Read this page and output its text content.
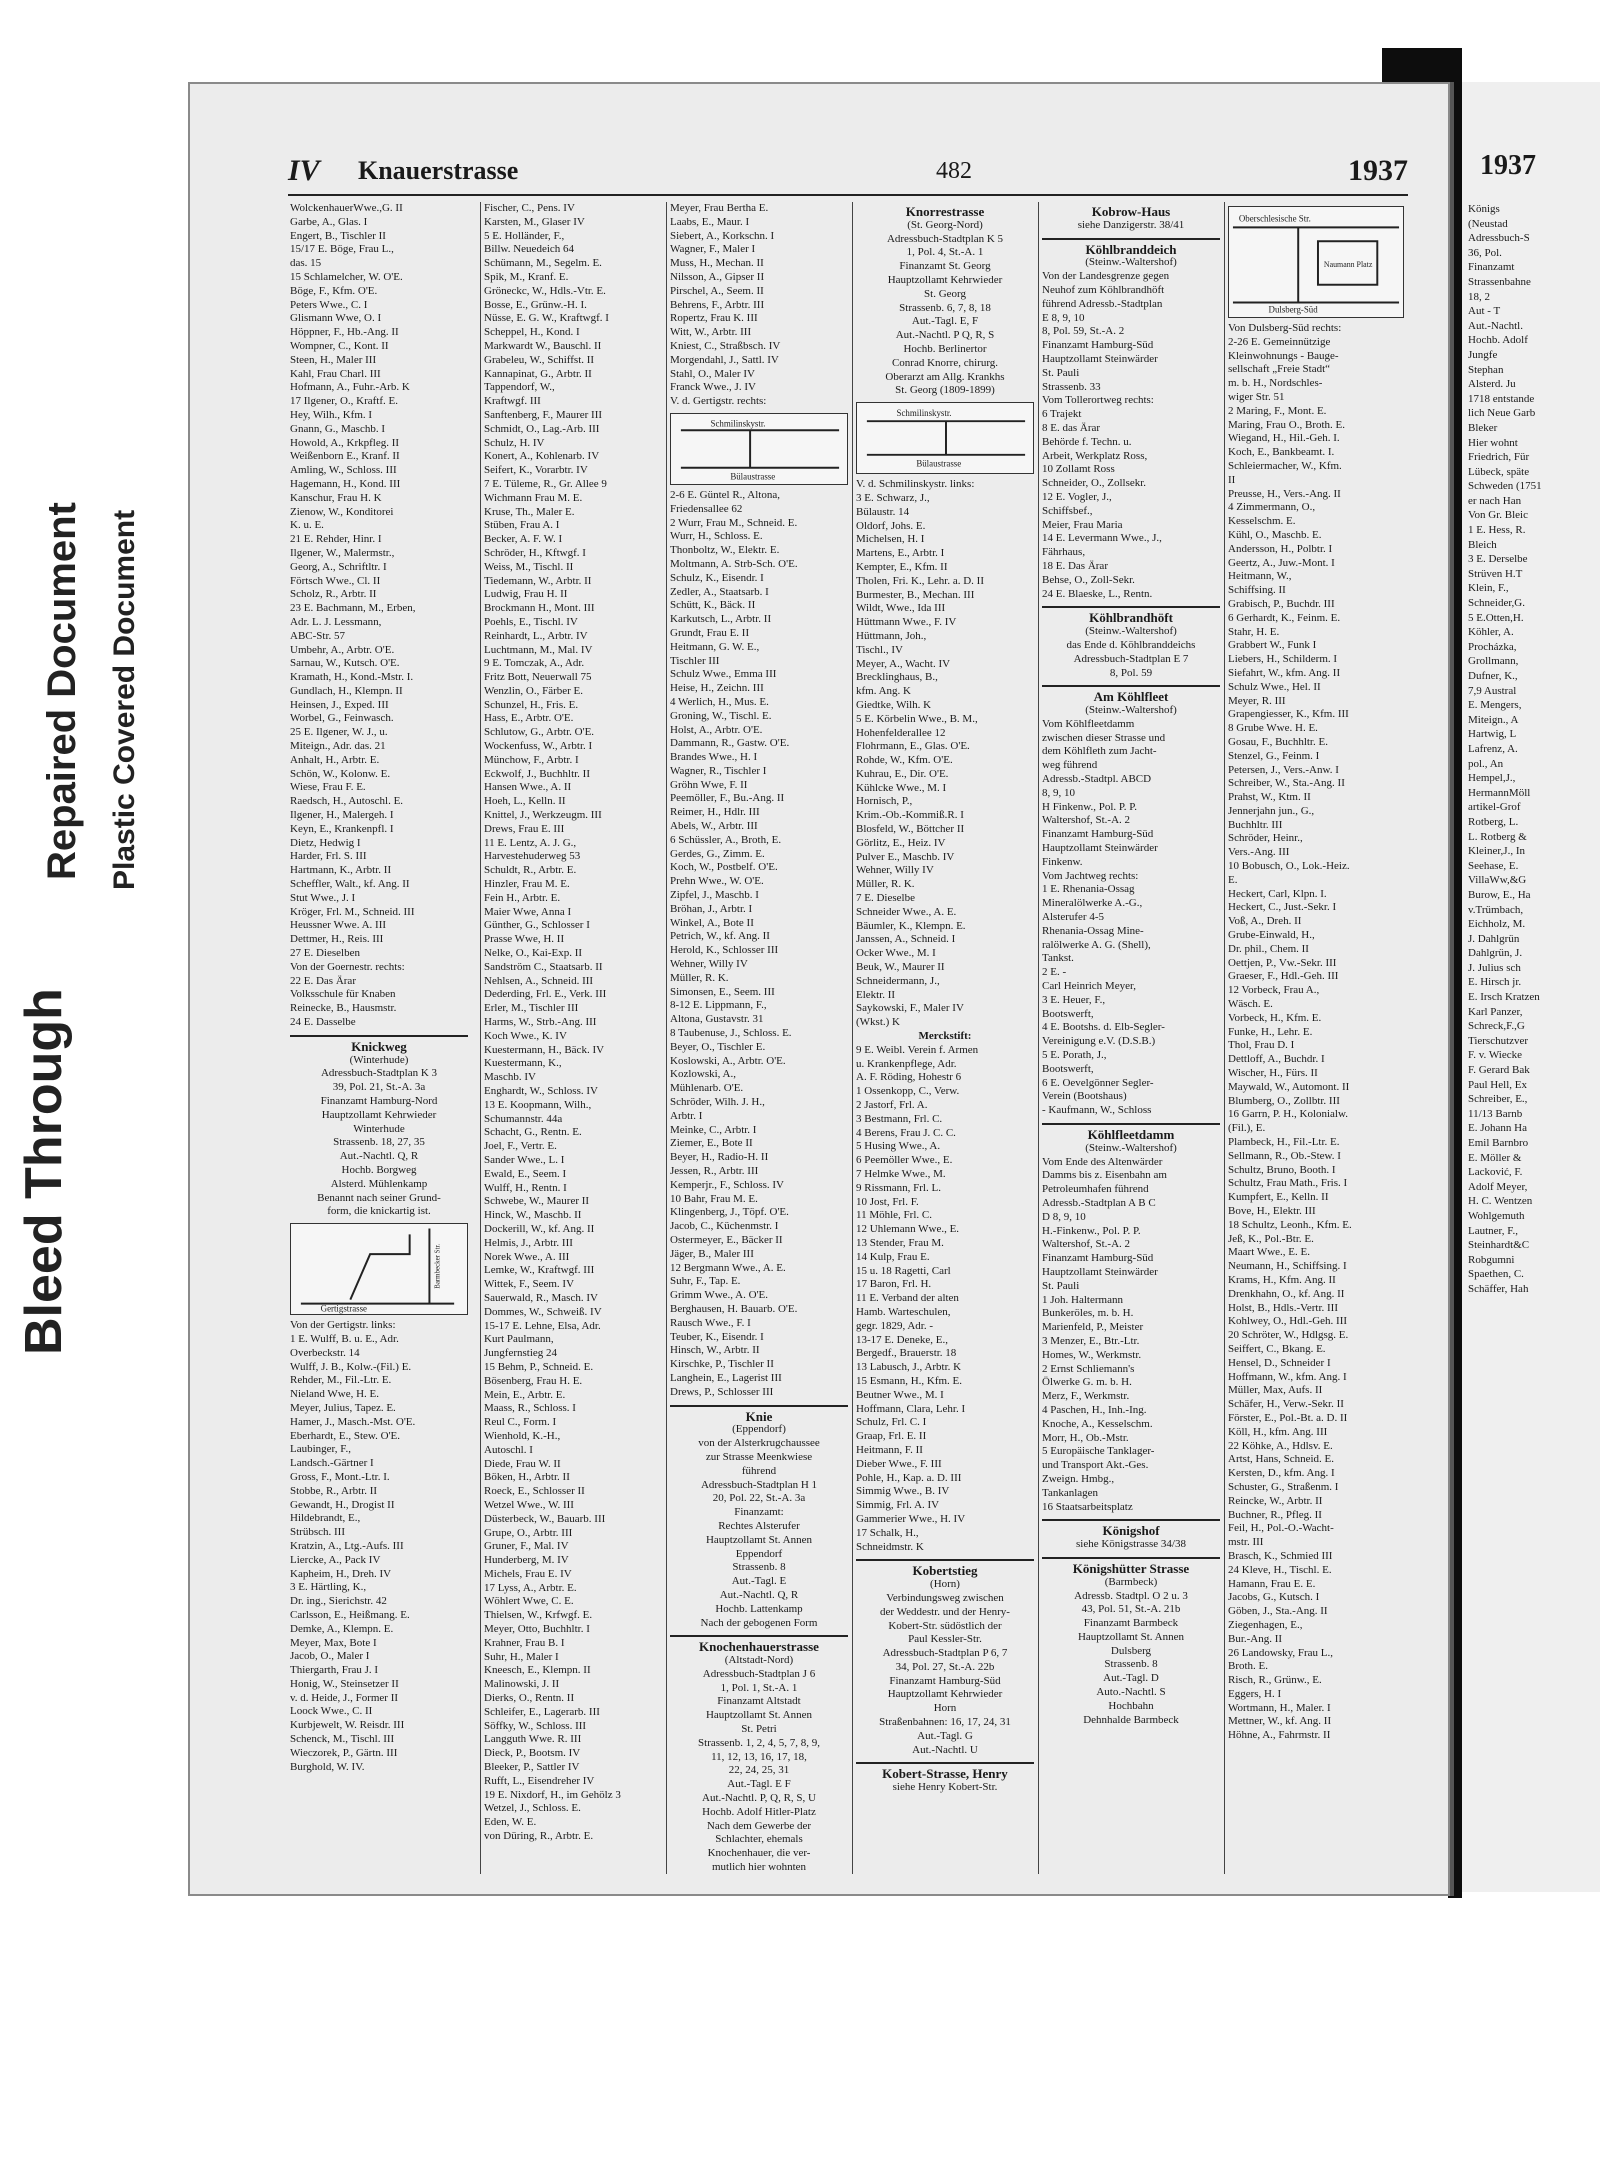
Bleed Through
Repaired Document Plastic Covered Document
IV Knauerstrasse	482	1937
WolckenhauerWwe.,G. II
Garbe, A., Glas. I
Engert, B., Tischler II
15/17 E. Böge, Frau L.,
das. 15
15 Schlamelcher, W. O'E.
Böge, F., Kfm. O'E.
Peters Wwe., C. I
Glismann Wwe, O. I
Höppner, F., Hb.-Ang. II
Wompner, C., Kont. II
Steen, H., Maler III
Kahl, Frau Charl. III
Hofmann, A., Fuhr.-Arb. K
17 Ilgener, O., Kraftf. E.
Hey, Wilh., Kfm. I
Gnann, G., Maschb. I
Howold, A., Krkpfleg. II
Weißenborn E., Kranf. II
Amling, W., Schloss. III
Hagemann, H., Kond. III
Kanschur, Frau H. K
Zienow, W., Konditorei
K. u. E.
21 E. Rehder, Hinr. I
Ilgener, W., Malermstr.,
Georg, A., Schriftltr. I
Förtsch Wwe., Cl. II
Scholz, R., Arbtr. II
23 E. Bachmann, M., Erben,
Adr. L. J. Lessmann,
ABC-Str. 57
Umbehr, A., Arbtr. O'E.
Sarnau, W., Kutsch. O'E.
Kramath, H., Kond.-Mstr. I.
Gundlach, H., Klempn. II
Heinsen, J., Exped. III
Worbel, G., Feinwasch.
25 E. Ilgener, W. J., u.
Miteign., Adr. das. 21
Anhalt, H., Arbtr. E.
Schön, W., Kolonw. E.
Wiese, Frau F. E.
Raedsch, H., Autoschl. E.
Ilgener, H., Malergeh. I
Keyn, E., Krankenpfl. I
Dietz, Hedwig I
Harder, Frl. S. III
Hartmann, K., Arbtr. II
Scheffler, Walt., kf. Ang. II
Stut Wwe., J. I
Kröger, Frl. M., Schneid. III
Heussner Wwe. A. III
Dettmer, H., Reis. III
27 E. Dieselben
Von der Goernestr. rechts:
22 E. Das Ärar
Volksschule für Knaben
Reinecke, B., Hausmstr.
24 E. Dasselbe
Knickweg
(Winterhude)
Adressbuch-Stadtplan K 3
39, Pol. 21, St.-A. 3a
Finanzamt Hamburg-Nord
Hauptzollamt Kehrwieder
Winterhude
Strassenb. 18, 27, 35
Aut.-Nachtl. Q, R
Hochb. Borgweg
Alsterd. Mühlenkamp
Benannt nach seiner Grund-
form, die knickartig ist.
Gertigstrasse
Barmbecker Str.
Von der Gertigstr. links:
1 E. Wulff, B. u. E., Adr.
Overbeckstr. 14
Wulff, J. B., Kolw.-(Fil.) E.
Rehder, M., Fil.-Ltr. E.
Nieland Wwe, H. E.
Meyer, Julius, Tapez. E.
Hamer, J., Masch.-Mst. O'E.
Eberhardt, E., Stew. O'E.
Laubinger, F.,
Landsch.-Gärtner I
Gross, F., Mont.-Ltr. I.
Stobbe, R., Arbtr. II
Gewandt, H., Drogist II
Hildebrandt, E.,
Strübsch. III
Kratzin, A., Ltg.-Aufs. III
Liercke, A., Pack IV
Kapheim, H., Dreh. IV
3 E. Härtling, K.,
Dr. ing., Sierichstr. 42
Carlsson, E., Heißmang. E.
Demke, A., Klempn. E.
Meyer, Max, Bote I
Jacob, O., Maler I
Thiergarth, Frau J. I
Honig, W., Steinsetzer II
v. d. Heide, J., Former II
Loock Wwe., C. II
Kurbjewelt, W. Reisdr. III
Schenck, M., Tischl. III
Wieczorek, P., Gärtn. III
Burghold, W. IV.
Fischer, C., Pens. IV
Karsten, M., Glaser IV
5 E. Holländer, F.,
Billw. Neuedeich 64
Schümann, M., Segelm. E.
Spik, M., Kranf. E.
Gröneckc, W., Hdls.-Vtr. E.
Bosse, E., Grünw.-H. I.
Nüsse, E. G. W., Kraftwgf. I
Scheppel, H., Kond. I
Markwardt W., Bauschl. II
Grabeleu, W., Schiffst. II
Kannapinat, G., Arbtr. II
Tappendorf, W.,
Kraftwgf. III
Sanftenberg, F., Maurer III
Schmidt, O., Lag.-Arb. III
Schulz, H. IV
Konert, A., Kohlenarb. IV
Seifert, K., Vorarbtr. IV
7 E. Tüleme, R., Gr. Allee 9
Wichmann Frau M. E.
Kruse, Th., Maler E.
Stüben, Frau A. I
Becker, A. F. W. I
Schröder, H., Kftwgf. I
Weiss, M., Tischl. II
Tiedemann, W., Arbtr. II
Ludwig, Frau H. II
Brockmann H., Mont. III
Poehls, E., Tischl. IV
Reinhardt, L., Arbtr. IV
Luchtmann, M., Mal. IV
9 E. Tomczak, A., Adr.
Fritz Bott, Neuerwall 75
Wenzlin, O., Färber E.
Schunzel, H., Fris. E.
Hass, E., Arbtr. O'E.
Schlutow, G., Arbtr. O'E.
Wockenfuss, W., Arbtr. I
Münchow, F., Arbtr. I
Eckwolf, J., Buchhltr. II
Hansen Wwe., A. II
Hoeh, L., Kelln. II
Knittel, J., Werkzeugm. III
Drews, Frau E. III
11 E. Lentz, A. J. G.,
Harvestehuderweg 53
Schuldt, R., Arbtr. E.
Hinzler, Frau M. E.
Fein H., Arbtr. E.
Maier Wwe, Anna I
Günther, G., Schlosser I
Prasse Wwe, H. II
Nelke, O., Kai-Exp. II
Sandström C., Staatsarb. II
Nehlsen, A., Schneid. III
Dederding, Frl. E., Verk. III
Erler, M., Tischler III
Harms, W., Strb.-Ang. III
Koch Wwe., K. IV
Kuestermann, H., Bäck. IV
Kuestermann, K.,
Maschb. IV
Enghardt, W., Schloss. IV
13 E. Koopmann, Wilh.,
Schumannstr. 44a
Schacht, G., Rentn. E.
Joel, F., Vertr. E.
Sander Wwe., L. I
Ewald, E., Seem. I
Wulff, H., Rentn. I
Schwebe, W., Maurer II
Hinck, W., Maschb. II
Dockerill, W., kf. Ang. II
Helmis, J., Arbtr. III
Norek Wwe., A. III
Lemke, W., Kraftwgf. III
Wittek, F., Seem. IV
Sauerwald, R., Masch. IV
Dommes, W., Schweiß. IV
15-17 E. Lehne, Elsa, Adr.
Kurt Paulmann,
Jungfernstieg 24
15 Behm, P., Schneid. E.
Bösenberg, Frau H. E.
Mein, E., Arbtr. E.
Maass, R., Schloss. I
Reul C., Form. I
Wienhold, K.-H.,
Autoschl. I
Diede, Frau W. II
Böken, H., Arbtr. II
Roeck, E., Schlosser II
Wetzel Wwe., W. III
Düsterbeck, W., Bauarb. III
Grupe, O., Arbtr. III
Gruner, F., Mal. IV
Hunderberg, M. IV
Michels, Frau E. IV
17 Lyss, A., Arbtr. E.
Wöhlert Wwe, C. E.
Thielsen, W., Krfwgf. E.
Meyer, Otto, Buchhltr. I
Krahner, Frau B. I
Suhr, H., Maler I
Kneesch, E., Klempn. II
Malinowski, J. II
Dierks, O., Rentn. II
Schleifer, E., Lagerarb. III
Söffky, W., Schloss. III
Langguth Wwe. R. III
Dieck, P., Bootsm. IV
Bleeker, P., Sattler IV
Rufft, L., Eisendreher IV
19 E. Nixdorf, H., im Gehölz 3
Wetzel, J., Schloss. E.
Eden, W. E.
von Düring, R., Arbtr. E.
Meyer, Frau Bertha E.
Laabs, E., Maur. I
Siebert, A., Korkschn. I
Wagner, F., Maler I
Muss, H., Mechan. II
Nilsson, A., Gipser II
Pirschel, A., Seem. II
Behrens, F., Arbtr. III
Ropertz, Frau K. III
Witt, W., Arbtr. III
Kniest, C., Straßbsch. IV
Morgendahl, J., Sattl. IV
Stahl, O., Maler IV
Franck Wwe., J. IV
V. d. Gertigstr. rechts:
Schmilinskystr.
Bülaustrasse
2-6 E. Güntel R., Altona,
Friedensallee 62
2 Wurr, Frau M., Schneid. E.
Wurr, H., Schloss. E.
Thonboltz, W., Elektr. E.
Moltmann, A. Strb-Sch. O'E.
Schulz, K., Eisendr. I
Zedler, A., Staatsarb. I
Schütt, K., Bäck. II
Karkutsch, L., Arbtr. II
Grundt, Frau E. II
Heitmann, G. W. E.,
Tischler III
Schulz Wwe., Emma III
Heise, H., Zeichn. III
4 Werlich, H., Mus. E.
Groning, W., Tischl. E.
Holst, A., Arbtr. O'E.
Dammann, R., Gastw. O'E.
Brandes Wwe., H. I
Wagner, R., Tischler I
Gröhn Wwe, F. II
Peemöller, F., Bu.-Ang. II
Reimer, H., Hdlr. III
Abels, W., Arbtr. III
6 Schüssler, A., Broth, E.
Gerdes, G., Zimm. E.
Koch, W., Postbelf. O'E.
Prehn Wwe., W. O'E.
Zipfel, J., Maschb. I
Bröhan, J., Arbtr. I
Winkel, A., Bote II
Petrich, W., kf. Ang. II
Herold, K., Schlosser III
Wehner, Willy IV
Müller, R. K.
Simonsen, E., Seem. III
8-12 E. Lippmann, F.,
Altona, Gustavstr. 31
8 Taubenuse, J., Schloss. E.
Beyer, O., Tischler E.
Koslowski, A., Arbtr. O'E.
Kozlowski, A.,
Mühlenarb. O'E.
Schröder, Wilh. J. H.,
Arbtr. I
Meinke, C., Arbtr. I
Ziemer, E., Bote II
Beyer, H., Radio-H. II
Jessen, R., Arbtr. III
Kemperjr., F., Schloss. IV
10 Bahr, Frau M. E.
Klingenberg, J., Töpf. O'E.
Jacob, C., Küchenmstr. I
Ostermeyer, E., Bäcker II
Jäger, B., Maler III
12 Bergmann Wwe., A. E.
Suhr, F., Tap. E.
Grimm Wwe., A. O'E.
Berghausen, H. Bauarb. O'E.
Rausch Wwe., F. I
Teuber, K., Eisendr. I
Hinsch, W., Arbtr. II
Kirschke, P., Tischler II
Langhein, E., Lagerist III
Drews, P., Schlosser III
Knie
(Eppendorf)
von der Alsterkrugchaussee
zur Strasse Meenkwiese
führend
Adressbuch-Stadtplan H 1
20, Pol. 22, St.-A. 3a
Finanzamt:
Rechtes Alsterufer
Hauptzollamt St. Annen
Eppendorf
Strassenb. 8
Aut.-Tagl. E
Aut.-Nachtl. Q, R
Hochb. Lattenkamp
Nach der gebogenen Form
Knochenhauerstrasse
(Altstadt-Nord)
Adressbuch-Stadtplan J 6
1, Pol. 1, St.-A. 1
Finanzamt Altstadt
Hauptzollamt St. Annen
St. Petri
Strassenb. 1, 2, 4, 5, 7, 8, 9,
11, 12, 13, 16, 17, 18,
22, 24, 25, 31
Aut.-Tagl. E F
Aut.-Nachtl. P, Q, R, S, U
Hochb. Adolf Hitler-Platz
Nach dem Gewerbe der
Schlachter, ehemals
Knochenhauer, die ver-
mutlich hier wohnten
Knorrestrasse
(St. Georg-Nord)
Adressbuch-Stadtplan K 5
1, Pol. 4, St.-A. 1
Finanzamt St. Georg
Hauptzollamt Kehrwieder
St. Georg
Strassenb. 6, 7, 8, 18
Aut.-Tagl. E, F
Aut.-Nachtl. P Q, R, S
Hochb. Berlinertor
Conrad Knorre, chirurg.
Oberarzt am Allg. Krankhs
St. Georg (1809-1899)
Schmilinskystr.
Bülaustrasse
V. d. Schmilinskystr. links:
3 E. Schwarz, J.,
Bülaustr. 14
Oldorf, Johs. E.
Michelsen, H. I
Martens, E., Arbtr. I
Kempter, E., Kfm. II
Tholen, Fri. K., Lehr. a. D. II
Burmester, B., Mechan. III
Wildt, Wwe., Ida III
Hüttmann Wwe., F. IV
Hüttmann, Joh.,
Tischl., IV
Meyer, A., Wacht. IV
Brecklinghaus, B.,
kfm. Ang. K
Giedtke, Wilh. K
5 E. Körbelin Wwe., B. M.,
Hohenfelderallee 12
Flohrmann, E., Glas. O'E.
Rohde, W., Kfm. O'E.
Kuhrau, E., Dir. O'E.
Kühlcke Wwe., M. I
Hornisch, P.,
Krim.-Ob.-Kommiß.R. I
Blosfeld, W., Böttcher II
Görlitz, E., Heiz. IV
Pulver E., Maschb. IV
Wehner, Willy IV
Müller, R. K.
7 E. Dieselbe
Schneider Wwe., A. E.
Bäumler, K., Klempn. E.
Janssen, A., Schneid. I
Ocker Wwe., M. I
Beuk, W., Maurer II
Schneidermann, J.,
Elektr. II
Saykowski, F., Maler IV
(Wkst.) K
Merckstift:
9 E. Weibl. Verein f. Armen
u. Krankenpflege, Adr.
A. F. Röding, Hohestr 6
1 Ossenkopp, C., Verw.
2 Jastorf, Frl. A.
3 Bestmann, Frl. C.
4 Berens, Frau J. C. C.
5 Husing Wwe., A.
6 Peemöller Wwe., E.
7 Helmke Wwe., M.
9 Rissmann, Frl. L.
10 Jost, Frl. F.
11 Möhle, Frl. C.
12 Uhlemann Wwe., E.
13 Stender, Frau M.
14 Kulp, Frau E.
15 u. 18 Ragetti, Carl
17 Baron, Frl. H.
11 E. Verband der alten
Hamb. Warteschulen,
gegr. 1829, Adr. -
13-17 E. Deneke, E.,
Bergedf., Brauerstr. 18
13 Labusch, J., Arbtr. K
15 Esmann, H., Kfm. E.
Beutner Wwe., M. I
Hoffmann, Clara, Lehr. I
Schulz, Frl. C. I
Graap, Frl. E. II
Heitmann, F. II
Dieber Wwe., F. III
Pohle, H., Kap. a. D. III
Simmig Wwe., B. IV
Simmig, Frl. A. IV
Gammerier Wwe., H. IV
17 Schalk, H.,
Schneidmstr. K
Kobertstieg
(Horn)
Verbindungsweg zwischen
der Weddestr. und der Henry-
Kobert-Str. südöstlich der
Paul Kessler-Str.
Adressbuch-Stadtplan P 6, 7
34, Pol. 27, St.-A. 22b
Finanzamt Hamburg-Süd
Hauptzollamt Kehrwieder
Horn
Straßenbahnen: 16, 17, 24, 31
Aut.-Tagl. G
Aut.-Nachtl. U
Kobert-Strasse, Henry
siehe Henry Kobert-Str.
Kobrow-Haus
siehe Danzigerstr. 38/41
Köhlbranddeich
(Steinw.-Waltershof)
Von der Landesgrenze gegen
Neuhof zum Köhlbrandhöft
führend Adressb.-Stadtplan
E 8, 9, 10
8, Pol. 59, St.-A. 2
Finanzamt Hamburg-Süd
Hauptzollamt Steinwärder
St. Pauli
Strassenb. 33
Vom Tollerortweg rechts:
6 Trajekt
8 E. das Ärar
Behörde f. Techn. u.
Arbeit, Werkplatz Ross,
10 Zollamt Ross
Schneider, O., Zollsekr.
12 E. Vogler, J.,
Schiffsbef.,
Meier, Frau Maria
14 E. Levermann Wwe., J.,
Fährhaus,
18 E. Das Ärar
Behse, O., Zoll-Sekr.
24 E. Blaeske, L., Rentn.
Köhlbrandhöft
(Steinw.-Waltershof)
das Ende d. Köhlbranddeichs
Adressbuch-Stadtplan E 7
8, Pol. 59
Am Köhlfleet
(Steinw.-Waltershof)
Vom Köhlfleetdamm
zwischen dieser Strasse und
dem Köhlfleth zum Jacht-
weg führend
Adressb.-Stadtpl. ABCD
8, 9, 10
H Finkenw., Pol. P. P.
Waltershof, St.-A. 2
Finanzamt Hamburg-Süd
Hauptzollamt Steinwärder
Finkenw.
Vom Jachtweg rechts:
1 E. Rhenania-Ossag
Mineralölwerke A.-G.,
Alsterufer 4-5
Rhenania-Ossag Mine-
ralölwerke A. G. (Shell),
Tankst.
2 E. -
Carl Heinrich Meyer,
3 E. Heuer, F.,
Bootswerft,
4 E. Bootshs. d. Elb-Segler-
Vereinigung e.V. (D.S.B.)
5 E. Porath, J.,
Bootswerft,
6 E. Oevelgönner Segler-
Verein (Bootshaus)
- Kaufmann, W., Schloss
Köhlfleetdamm
(Steinw.-Waltershof)
Vom Ende des Altenwärder
Damms bis z. Eisenbahn am
Petroleumhafen führend
Adressb.-Stadtplan A B C
D 8, 9, 10
H.-Finkenw., Pol. P. P.
Waltershof, St.-A. 2
Finanzamt Hamburg-Süd
Hauptzollamt Steinwärder
St. Pauli
1 Joh. Haltermann
Bunkeröles, m. b. H.
Marienfeld, P., Meister
3 Menzer, E., Btr.-Ltr.
Homes, W., Werkmstr.
2 Ernst Schliemann's
Ölwerke G. m. b. H.
Merz, F., Werkmstr.
4 Paschen, H., Inh.-Ing.
Knoche, A., Kesselschm.
Morr, H., Ob.-Mstr.
5 Europäische Tanklager-
und Transport Akt.-Ges.
Zweign. Hmbg.,
Tankanlagen
16 Staatsarbeitsplatz
Königshof
siehe Königstrasse 34/38
Königshütter Strasse
(Barmbeck)
Adressb. Stadtpl. O 2 u. 3
43, Pol. 51, St.-A. 21b
Finanzamt Barmbeck
Hauptzollamt St. Annen
Dulsberg
Strassenb. 8
Aut.-Tagl. D
Auto.-Nachtl. S
Hochbahn
Dehnhalde Barmbeck
Oberschlesische Str.
Naumann Platz
Dulsberg-Süd
Von Dulsberg-Süd rechts:
2-26 E. Gemeinnützige
Kleinwohnungs - Bauge-
sellschaft „Freie Stadt“
m. b. H., Nordschles-
wiger Str. 51
2 Maring, F., Mont. E.
Maring, Frau O., Broth. E.
Wiegand, H., Hil.-Geh. I.
Koch, E., Bankbeamt. I.
Schleiermacher, W., Kfm.
II
Preusse, H., Vers.-Ang. II
4 Zimmermann, O.,
Kesselschm. E.
Kühl, O., Maschb. E.
Andersson, H., Polbtr. I
Geertz, A., Juw.-Mont. I
Heitmann, W.,
Schiffsing. II
Grabisch, P., Buchdr. III
6 Gerhardt, K., Feinm. E.
Stahr, H. E.
Grabbert W., Funk I
Liebers, H., Schilderm. I
Siefahrt, W., kfm. Ang. II
Schulz Wwe., Hel. II
Meyer, R. III
Grapengiesser, K., Kfm. III
8 Grube Wwe. H. E.
Gosau, F., Buchhltr. E.
Stenzel, G., Feinm. I
Petersen, J., Vers.-Anw. I
Schreiber, W., Sta.-Ang. II
Prahst, W., Ktm. II
Jennerjahn jun., G.,
Buchhltr. III
Schröder, Heinr.,
Vers.-Ang. III
10 Bobusch, O., Lok.-Heiz.
E.
Heckert, Carl, Klpn. I.
Heckert, C., Just.-Sekr. I
Voß, A., Dreh. II
Grube-Einwald, H.,
Dr. phil., Chem. II
Oettjen, P., Vw.-Sekr. III
Graeser, F., Hdl.-Geh. III
12 Vorbeck, Frau A.,
Wäsch. E.
Vorbeck, H., Kfm. E.
Funke, H., Lehr. E.
Thol, Frau D. I
Dettloff, A., Buchdr. I
Wischer, H., Fürs. II
Maywald, W., Automont. II
Blumberg, O., Zollbtr. III
16 Garrn, P. H., Kolonialw.
(Fil.), E.
Plambeck, H., Fil.-Ltr. E.
Sellmann, R., Ob.-Stew. I
Schultz, Bruno, Booth. I
Schultz, Frau Math., Fris. I
Kumpfert, E., Kelln. II
Bove, H., Elektr. III
18 Schultz, Leonh., Kfm. E.
Jeß, K., Pol.-Btr. E.
Maart Wwe., E. E.
Neumann, H., Schiffsing. I
Krams, H., Kfm. Ang. II
Drenkhahn, O., kf. Ang. II
Holst, B., Hdls.-Vertr. III
Kohlwey, O., Hdl.-Geh. III
20 Schröter, W., Hdlgsg. E.
Seiffert, C., Bkang. E.
Hensel, D., Schneider I
Hoffmann, W., kfm. Ang. I
Müller, Max, Aufs. II
Schäfer, H., Verw.-Sekr. II
Förster, E., Pol.-Bt. a. D. II
Köll, H., kfm. Ang. III
22 Köhke, A., Hdlsv. E.
Artst, Hans, Schneid. E.
Kersten, D., kfm. Ang. I
Schuster, G., Straßenm. I
Reincke, W., Arbtr. II
Buchner, R., Pfleg. II
Feil, H., Pol.-O.-Wacht-
mstr. III
Brasch, K., Schmied III
24 Kleve, H., Tischl. E.
Hamann, Frau E. E.
Jacobs, G., Kutsch. I
Göben, J., Sta.-Ang. II
Ziegenhagen, E.,
Bur.-Ang. II
26 Landowsky, Frau L.,
Broth. E.
Risch, R., Grünw., E.
Eggers, H. I
Wortmann, H., Maler. I
Mettner, W., kf. Ang. II
Höhne, A., Fahrmstr. II
1937
Königs
(Neustad
Adressbuch-S
36, Pol.
Finanzamt
Strassenbahne
18, 2
Aut - T
Aut.-Nachtl.
Hochb. Adolf
Jungfe
Stephan
Alsterd. Ju
1718 entstande
lich Neue Garb
Bleker
Hier wohnt
Friedrich, Für
Lübeck, späte
Schweden (1751
er nach Han
Von Gr. Bleic
1 E. Hess, R.
Bleich
3 E. Derselbe
Strüven H.T
Klein, F.,
Schneider,G.
5 E.Otten,H.
Köhler, A.
Procházka,
Grollmann,
Dufner, K.,
7,9 Austral
E. Mengers,
Miteign., A
Hartwig, L
Lafrenz, A.
pol., An
Hempel,J.,
HermannMöll
artikel-Grof
Rotberg, L.
L. Rotberg &
Kleiner,J., In
Seehase, E.
VillaWw,&G
Burow, E., Ha
v.Trümbach,
Eichholz, M.
J. Dahlgrün
Dahlgrün, J.
J. Julius sch
E. Hirsch jr.
E. Irsch Kratzen
Karl Panzer,
Schreck,F.,G
Tierschutzver
F. v. Wiecke
F. Gerard Bak
Paul Hell, Ex
Schreiber, E.,
11/13 Barnb
E. Johann Ha
Emil Barnbro
E. Möller &
Lacković, F.
Adolf Meyer,
H. C. Wentzen
Wohlgemuth
Lautner, F.,
Steinhardt&C
Robgumni
Spaethen, C.
Schäffer, Hah
